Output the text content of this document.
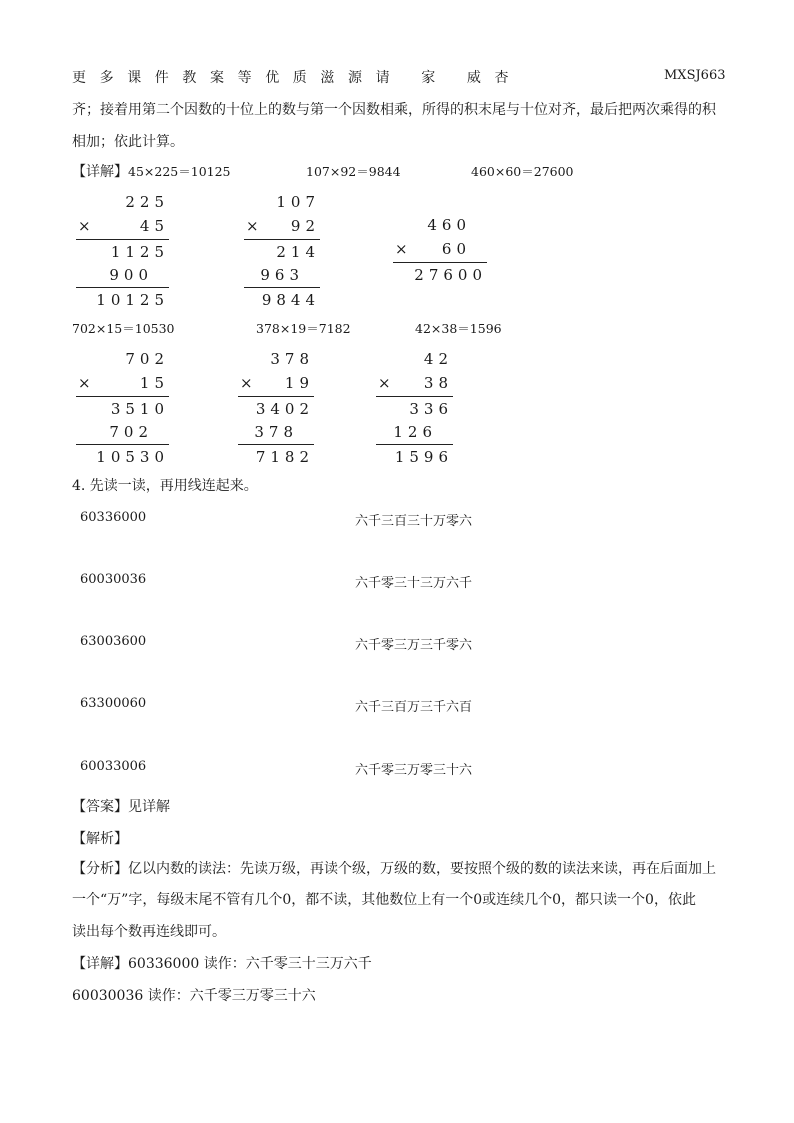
更多课件教案等优质滋源请 家 威杏	MXSJ663
齐；接着用第二个因数的十位上的数与第一个因数相乘，所得的积末尾与十位对齐，最后把两次乘得的积
相加；依此计算。
【详解】 45×225＝10125	107×92＝9844	460×60＝27600
225
×	45
1125
900
10125
107
×	92
214
963
9844
460
×	60
27600
702×15＝10530	378×19＝7182	42×38＝1596
702
×	15
3510
702
10530
378
×	19
3402
378
7182
42
×	38
336
126
1596
4. 先读一读，再用线连起来。
60336000
60030036
63003600
63300060
60033006
六千三百三十万零六
六千零三十三万六千
六千零三万三千零六
六千三百万三千六百
六千零三万零三十六
【答案】见详解
【解析】
【分析】亿以内数的读法：先读万级，再读个级，万级的数，要按照个级的数的读法来读，再在后面加上
一个“万”字，每级末尾不管有几个0，都不读，其他数位上有一个0或连续几个0，都只读一个0，依此
读出每个数再连线即可。
【详解】60336000 读作：六千零三十三万六千
60030036 读作：六千零三万零三十六
